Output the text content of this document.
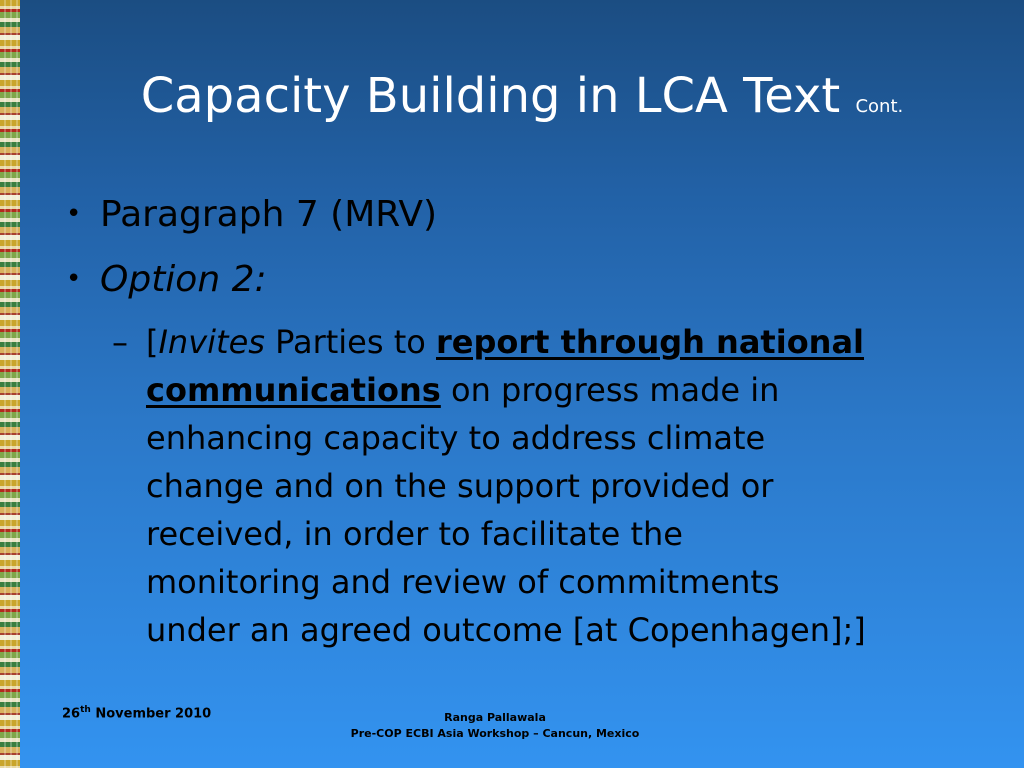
Capacity Building in LCA Text Cont.
• Paragraph 7 (MRV)
• Option 2:
– [Invites Parties to report through national
communications on progress made in
enhancing capacity to address climate
change and on the support provided or
received, in order to facilitate the
monitoring and review of commitments
under an agreed outcome [at Copenhagen];]
26th November 2010	Ranga Pallawala
Pre-COP ECBI Asia Workshop – Cancun, Mexico
